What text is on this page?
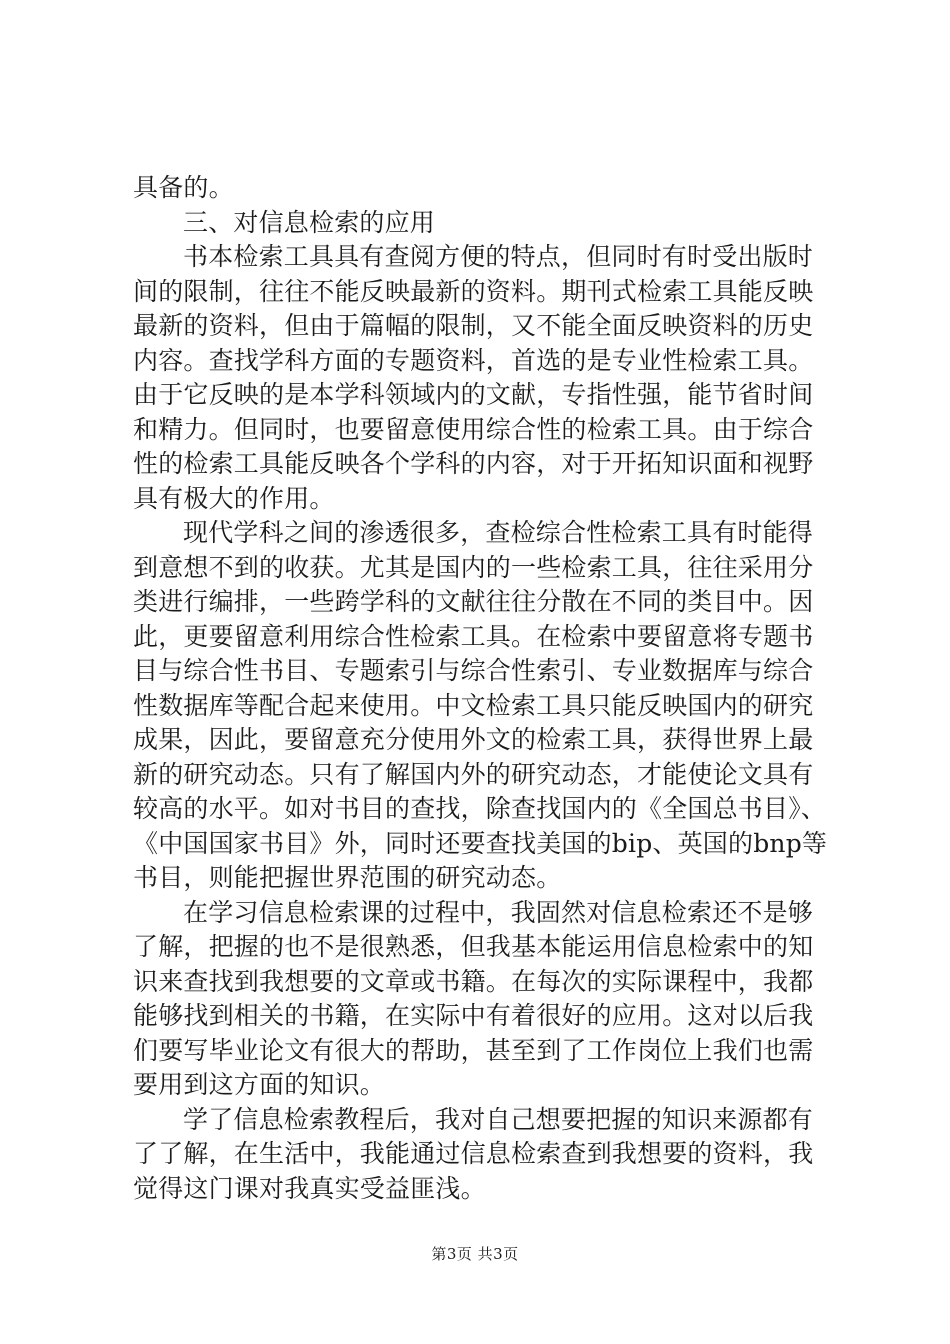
具备的。
三、对信息检索的应用
书本检索工具具有查阅方便的特点，但同时有时受出版时
间的限制，往往不能反映最新的资料。期刊式检索工具能反映
最新的资料，但由于篇幅的限制，又不能全面反映资料的历史
内容。查找学科方面的专题资料，首选的是专业性检索工具。
由于它反映的是本学科领域内的文献，专指性强，能节省时间
和精力。但同时，也要留意使用综合性的检索工具。由于综合
性的检索工具能反映各个学科的内容，对于开拓知识面和视野
具有极大的作用。
现代学科之间的渗透很多，查检综合性检索工具有时能得
到意想不到的收获。尤其是国内的一些检索工具，往往采用分
类进行编排，一些跨学科的文献往往分散在不同的类目中。因
此，更要留意利用综合性检索工具。在检索中要留意将专题书
目与综合性书目、专题索引与综合性索引、专业数据库与综合
性数据库等配合起来使用。中文检索工具只能反映国内的研究
成果，因此，要留意充分使用外文的检索工具，获得世界上最
新的研究动态。只有了解国内外的研究动态，才能使论文具有
较高的水平。如对书目的查找，除查找国内的《全国总书目》、
《中国国家书目》外，同时还要查找美国的bip、英国的bnp等
书目，则能把握世界范围的研究动态。
在学习信息检索课的过程中，我固然对信息检索还不是够
了解，把握的也不是很熟悉，但我基本能运用信息检索中的知
识来查找到我想要的文章或书籍。在每次的实际课程中，我都
能够找到相关的书籍，在实际中有着很好的应用。这对以后我
们要写毕业论文有很大的帮助，甚至到了工作岗位上我们也需
要用到这方面的知识。
学了信息检索教程后，我对自己想要把握的知识来源都有
了了解，在生活中，我能通过信息检索查到我想要的资料，我
觉得这门课对我真实受益匪浅。
第3页 共3页
